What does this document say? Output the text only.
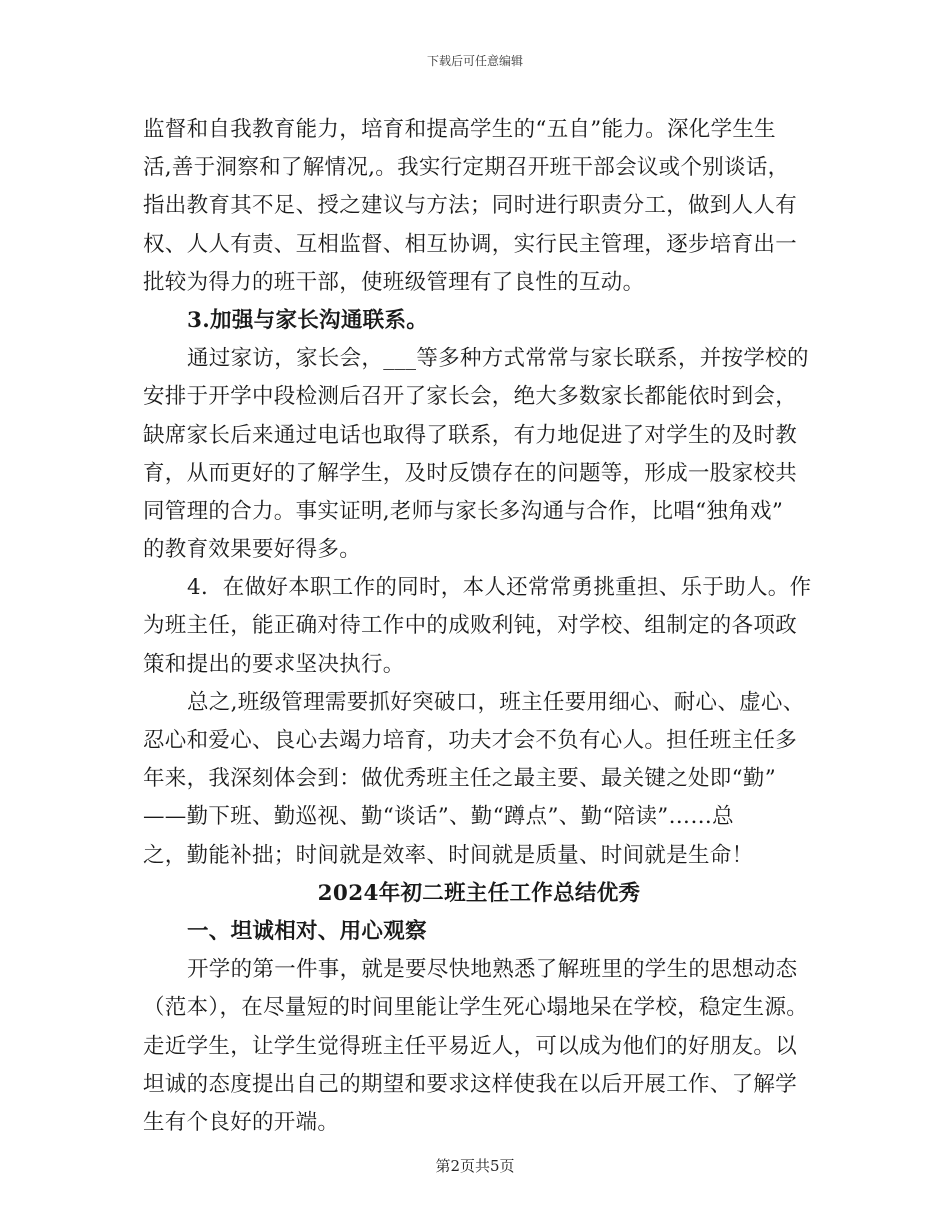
下载后可任意编辑
监督和自我教育能力，培育和提高学生的“五自”能力。深化学生生
活,善于洞察和了解情况,。我实行定期召开班干部会议或个别谈话，
指出教育其不足、授之建议与方法；同时进行职责分工，做到人人有
权、人人有责、互相监督、相互协调，实行民主管理，逐步培育出一
批较为得力的班干部，使班级管理有了良性的互动。
3.加强与家长沟通联系。
通过家访，家长会，___等多种方式常常与家长联系，并按学校的
安排于开学中段检测后召开了家长会，绝大多数家长都能依时到会，
缺席家长后来通过电话也取得了联系，有力地促进了对学生的及时教
育，从而更好的了解学生，及时反馈存在的问题等，形成一股家校共
同管理的合力。事实证明,老师与家长多沟通与合作，比唱“独角戏”
的教育效果要好得多。
4．在做好本职工作的同时，本人还常常勇挑重担、乐于助人。作
为班主任，能正确对待工作中的成败利钝，对学校、组制定的各项政
策和提出的要求坚决执行。
总之,班级管理需要抓好突破口，班主任要用细心、耐心、虚心、
忍心和爱心、良心去竭力培育，功夫才会不负有心人。担任班主任多
年来，我深刻体会到：做优秀班主任之最主要、最关键之处即“勤”
——勤下班、勤巡视、勤“谈话”、勤“蹲点”、勤“陪读”……总
之，勤能补拙；时间就是效率、时间就是质量、时间就是生命！
2024年初二班主任工作总结优秀
一、坦诚相对、用心观察
开学的第一件事，就是要尽快地熟悉了解班里的学生的思想动态
（范本），在尽量短的时间里能让学生死心塌地呆在学校，稳定生源。
走近学生，让学生觉得班主任平易近人，可以成为他们的好朋友。以
坦诚的态度提出自己的期望和要求这样使我在以后开展工作、了解学
生有个良好的开端。
第2页共5页
